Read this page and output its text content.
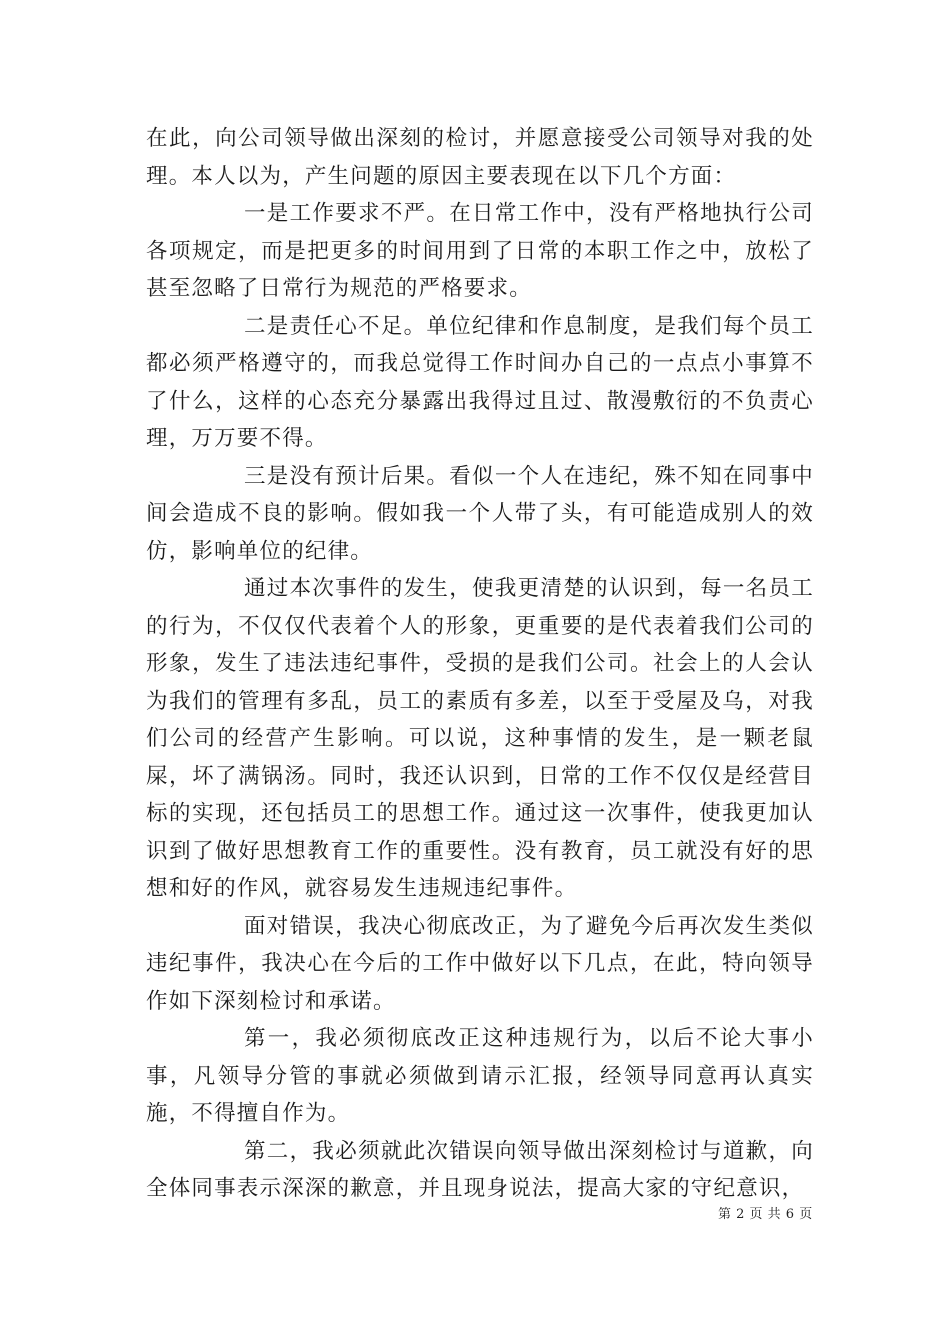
在此，向公司领导做出深刻的检讨，并愿意接受公司领导对我的处理。本人以为，产生问题的原因主要表现在以下几个方面：

一是工作要求不严。在日常工作中，没有严格地执行公司各项规定，而是把更多的时间用到了日常的本职工作之中，放松了甚至忽略了日常行为规范的严格要求。

二是责任心不足。单位纪律和作息制度，是我们每个员工都必须严格遵守的，而我总觉得工作时间办自己的一点点小事算不了什么，这样的心态充分暴露出我得过且过、散漫敷衍的不负责心理，万万要不得。

三是没有预计后果。看似一个人在违纪，殊不知在同事中间会造成不良的影响。假如我一个人带了头，有可能造成别人的效仿，影响单位的纪律。

通过本次事件的发生，使我更清楚的认识到，每一名员工的行为，不仅仅代表着个人的形象，更重要的是代表着我们公司的形象，发生了违法违纪事件，受损的是我们公司。社会上的人会认为我们的管理有多乱，员工的素质有多差，以至于受屋及乌，对我们公司的经营产生影响。可以说，这种事情的发生，是一颗老鼠屎，坏了满锅汤。同时，我还认识到，日常的工作不仅仅是经营目标的实现，还包括员工的思想工作。通过这一次事件，使我更加认识到了做好思想教育工作的重要性。没有教育，员工就没有好的思想和好的作风，就容易发生违规违纪事件。

面对错误，我决心彻底改正，为了避免今后再次发生类似违纪事件，我决心在今后的工作中做好以下几点，在此，特向领导作如下深刻检讨和承诺。

第一，我必须彻底改正这种违规行为，以后不论大事小事，凡领导分管的事就必须做到请示汇报，经领导同意再认真实施，不得擅自作为。

第二，我必须就此次错误向领导做出深刻检讨与道歉，向全体同事表示深深的歉意，并且现身说法，提高大家的守纪意识，

第 2 页 共 6 页
